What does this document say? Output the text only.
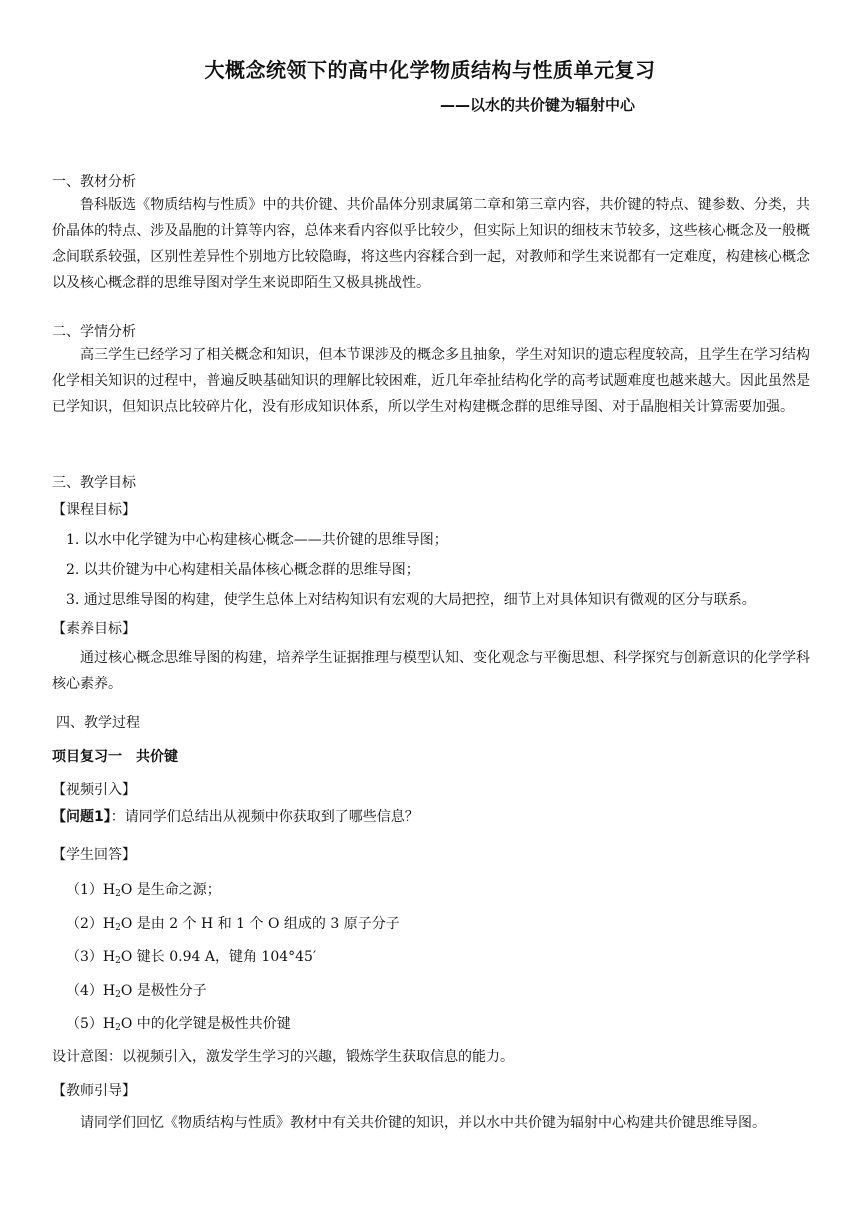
大概念统领下的高中化学物质结构与性质单元复习
——以水的共价键为辐射中心
一、教材分析
鲁科版选《物质结构与性质》中的共价键、共价晶体分别隶属第二章和第三章内容，共价键的特点、键参数、分类，共价晶体的特点、涉及晶胞的计算等内容，总体来看内容似乎比较少，但实际上知识的细枝末节较多，这些核心概念及一般概念间联系较强，区别性差异性个别地方比较隐晦，将这些内容糅合到一起，对教师和学生来说都有一定难度，构建核心概念以及核心概念群的思维导图对学生来说即陌生又极具挑战性。
二、学情分析
高三学生已经学习了相关概念和知识，但本节课涉及的概念多且抽象，学生对知识的遗忘程度较高，且学生在学习结构化学相关知识的过程中，普遍反映基础知识的理解比较困难，近几年牵扯结构化学的高考试题难度也越来越大。因此虽然是已学知识，但知识点比较碎片化，没有形成知识体系，所以学生对构建概念群的思维导图、对于晶胞相关计算需要加强。
三、教学目标
【课程目标】
1. 以水中化学键为中心构建核心概念——共价键的思维导图；
2. 以共价键为中心构建相关晶体核心概念群的思维导图；
3. 通过思维导图的构建，使学生总体上对结构知识有宏观的大局把控，细节上对具体知识有微观的区分与联系。
【素养目标】
通过核心概念思维导图的构建，培养学生证据推理与模型认知、变化观念与平衡思想、科学探究与创新意识的化学学科核心素养。
四、教学过程
项目复习一　共价键
【视频引入】
【问题1】：请同学们总结出从视频中你获取到了哪些信息？
【学生回答】
$(1)H_2O$ 是生命之源；
$(2)H_2O$ 是由 2 个 H 和 1 个 O 组成的 3 原子分子
$(3)H_2O$ 键长 0.94 A，键角 104°45′
$(4)H_2O$ 是极性分子
$(5)H_2O$ 中的化学键是极性共价键
设计意图：以视频引入，激发学生学习的兴趣，锻炼学生获取信息的能力。
【教师引导】
请同学们回忆《物质结构与性质》教材中有关共价键的知识，并以水中共价键为辐射中心构建共价键思维导图。
